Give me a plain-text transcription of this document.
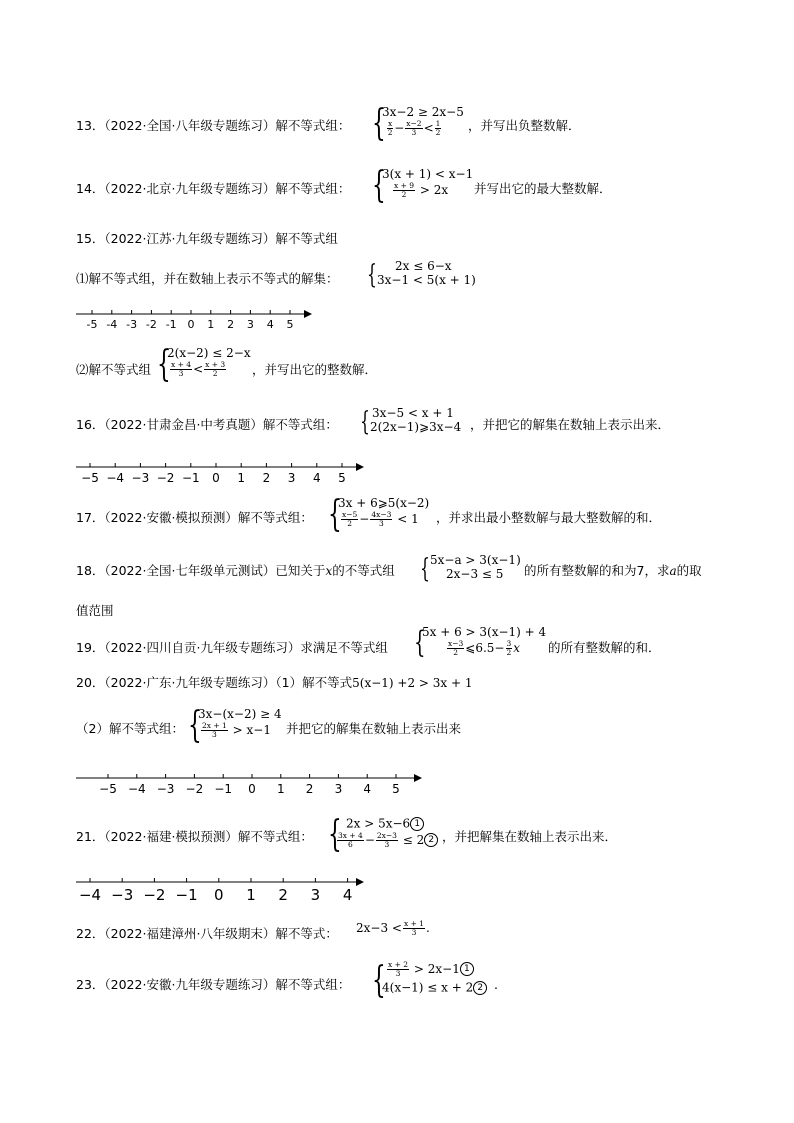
13．（2022·全国·八年级专题练习）解不等式组： {
3x−2 ≥ 2x−5
$\frac{x}{2} - \frac{x-2}{3} < \frac{1}{2}$ ，并写出负整数解．
14．（2022·北京·九年级专题练习）解不等式组： {
3(x + 1) < x−1
$\frac{x + 9}{2} > 2x$ 并写出它的最大整数解．
15．（2022·江苏·九年级专题练习）解不等式组
⑴解不等式组，并在数轴上表示不等式的解集： { 2x ≤ 6−x
3x−1 < 5(x + 1)
-5 -4 -3 -2 -1 0 1 2 3 4 5
⑵解不等式组 {
2(x−2) ≤ 2−x
$\frac{x + 4}{3} < \frac{x + 3}{2}$ ，并写出它的整数解．
16．（2022·甘肃金昌·中考真题）解不等式组： { 3x−5 < x + 1
2(2x−1)⩾3x−4 ，并把它的解集在数轴上表示出来．
−5 −4 −3 −2 −1 0 1 2 3 4 5
17．（2022·安徽·模拟预测）解不等式组： {
3x + 6⩾5(x−2)
$\frac{x-5}{2} - \frac{4x-3}{3} < 1$ ，并求出最小整数解与最大整数解的和．
18．（2022·全国·七年级单元测试）已知关于x的不等式组 { 5x−a > 3(x−1)
2x−3 ≤ 5 的所有整数解的和为7，求a的取
值范围
19．（2022·四川自贡·九年级专题练习）求满足不等式组 {
5x + 6 > 3(x−1) + 4
$\frac{x-3}{2}$ ⩽6.5− $\frac{3}{2}$ x 的所有整数解的和．
20．（2022·广东·九年级专题练习）（1）解不等式5(x−1) +2 > 3x + 1
（2）解不等式组： {
3x−(x−2) ≥ 4
$\frac{2x + 1}{3} > x-1$ 并把它的解集在数轴上表示出来
−5 −4 −3 −2 −1 0 1 2 3 4 5
21．（2022·福建·模拟预测）解不等式组： { 2x > 5x−6 1
$\frac{3x + 4}{6} - \frac{2x-3}{3} \le 2$ 2 ，并把解集在数轴上表示出来．
−4 −3 −2 −1 0 1 2 3 4
22．（2022·福建漳州·八年级期末）解不等式： $2x-3 < \frac{x + 1}{3}$ .
23．（2022·安徽·九年级专题练习）解不等式组： { $\frac{x + 2}{3} > 2x-1$ 1
4(x−1) ≤ x + 2 2 .
